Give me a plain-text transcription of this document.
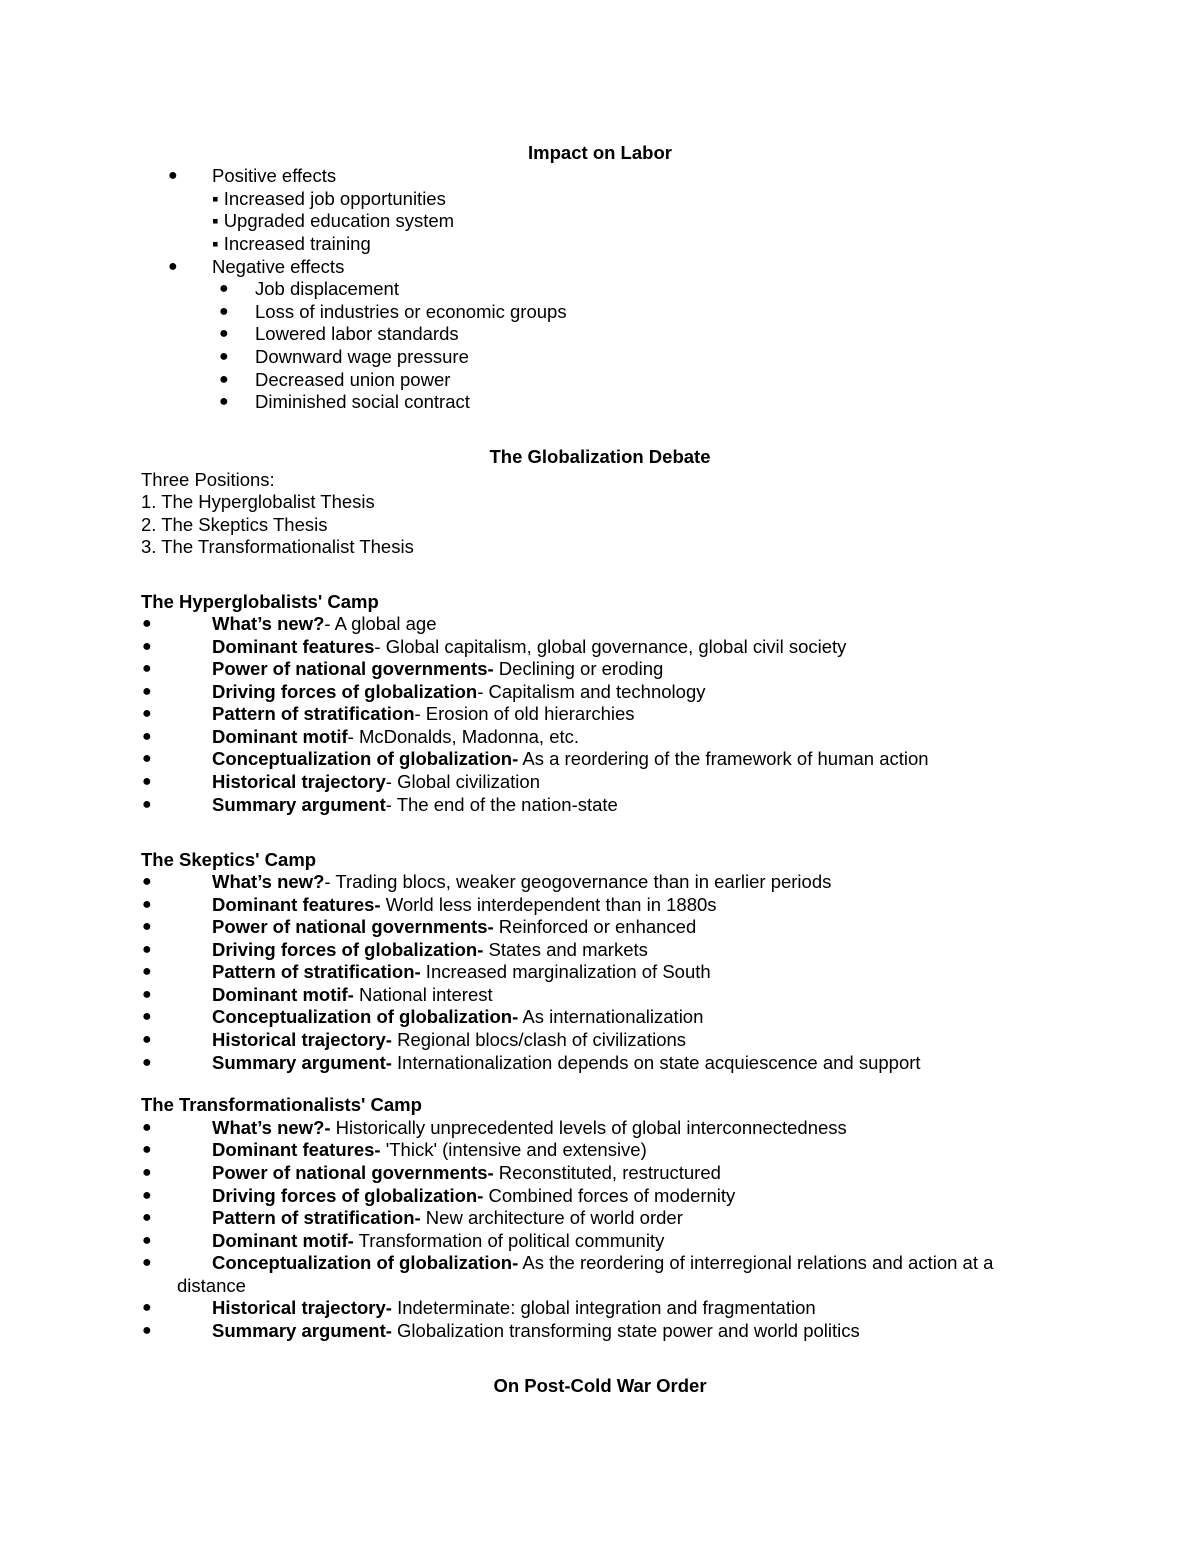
Impact on Labor
● Positive effects
▪ Increased job opportunities
▪ Upgraded education system
▪ Increased training
● Negative effects
● Job displacement
● Loss of industries or economic groups
● Lowered labor standards
● Downward wage pressure
● Decreased union power
● Diminished social contract
The Globalization Debate
Three Positions:
1. The Hyperglobalist Thesis
2. The Skeptics Thesis
3. The Transformationalist Thesis
The Hyperglobalists' Camp
●	What’s new?- A global age
●	Dominant features- Global capitalism, global governance, global civil society
●	Power of national governments- Declining or eroding
●	Driving forces of globalization- Capitalism and technology
●	Pattern of stratification- Erosion of old hierarchies
●	Dominant motif- McDonalds, Madonna, etc.
●	Conceptualization of globalization- As a reordering of the framework of human action
●	Historical trajectory- Global civilization
●	Summary argument- The end of the nation-state
The Skeptics' Camp
●	What’s new?- Trading blocs, weaker geogovernance than in earlier periods
●	Dominant features- World less interdependent than in 1880s
●	Power of national governments- Reinforced or enhanced
●	Driving forces of globalization- States and markets
●	Pattern of stratification- Increased marginalization of South
●	Dominant motif- National interest
●	Conceptualization of globalization- As internationalization
●	Historical trajectory- Regional blocs/clash of civilizations
●	Summary argument- Internationalization depends on state acquiescence and support
The Transformationalists' Camp
●	What’s new?- Historically unprecedented levels of global interconnectedness
●	Dominant features- 'Thick' (intensive and extensive)
●	Power of national governments- Reconstituted, restructured
●	Driving forces of globalization- Combined forces of modernity
●	Pattern of stratification- New architecture of world order
●	Dominant motif- Transformation of political community
●	Conceptualization of globalization- As the reordering of interregional relations and action at a
distance
●	Historical trajectory- Indeterminate: global integration and fragmentation
●	Summary argument- Globalization transforming state power and world politics
On Post-Cold War Order
